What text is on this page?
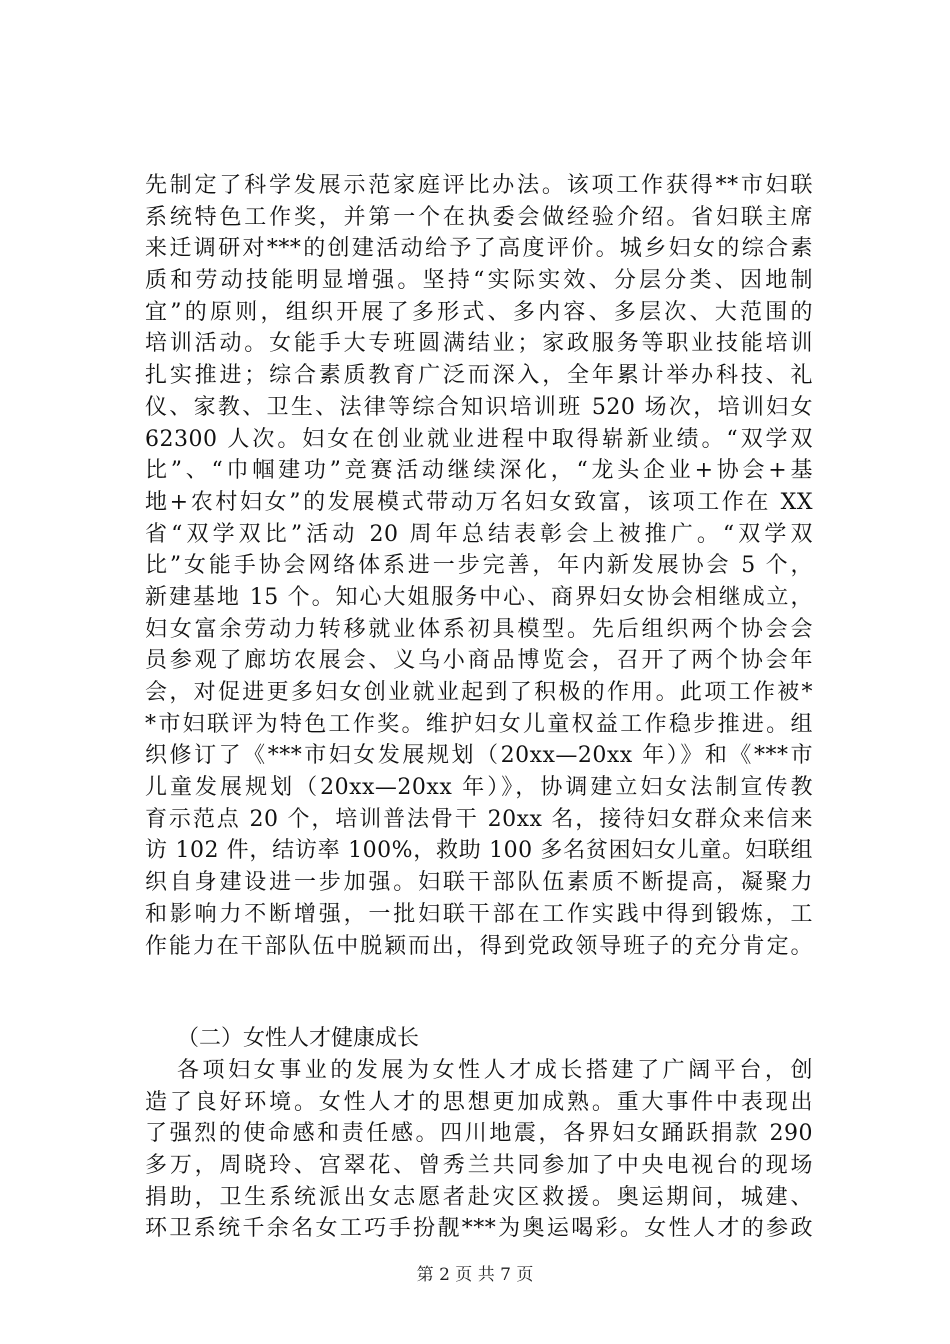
先制定了科学发展示范家庭评比办法。该项工作获得**市妇联
系统特色工作奖，并第一个在执委会做经验介绍。省妇联主席
来迁调研对***的创建活动给予了高度评价。城乡妇女的综合素
质和劳动技能明显增强。坚持“实际实效、分层分类、因地制
宜”的原则，组织开展了多形式、多内容、多层次、大范围的
培训活动。女能手大专班圆满结业；家政服务等职业技能培训
扎实推进；综合素质教育广泛而深入，全年累计举办科技、礼
仪、家教、卫生、法律等综合知识培训班 520 场次，培训妇女
62300 人次。妇女在创业就业进程中取得崭新业绩。“双学双
比”、“巾帼建功”竞赛活动继续深化，“龙头企业+协会+基
地+农村妇女”的发展模式带动万名妇女致富，该项工作在 XX
省“双学双比”活动 20 周年总结表彰会上被推广。“双学双
比”女能手协会网络体系进一步完善，年内新发展协会 5 个，
新建基地 15 个。知心大姐服务中心、商界妇女协会相继成立，
妇女富余劳动力转移就业体系初具模型。先后组织两个协会会
员参观了廊坊农展会、义乌小商品博览会，召开了两个协会年
会，对促进更多妇女创业就业起到了积极的作用。此项工作被*
*市妇联评为特色工作奖。维护妇女儿童权益工作稳步推进。组
织修订了《***市妇女发展规划（20xx—20xx 年）》和《***市
儿童发展规划（20xx—20xx 年）》，协调建立妇女法制宣传教
育示范点 20 个，培训普法骨干 20xx 名，接待妇女群众来信来
访 102 件，结访率 100%，救助 100 多名贫困妇女儿童。妇联组
织自身建设进一步加强。妇联干部队伍素质不断提高，凝聚力
和影响力不断增强，一批妇联干部在工作实践中得到锻炼，工
作能力在干部队伍中脱颖而出，得到党政领导班子的充分肯定。
（二）女性人才健康成长
各项妇女事业的发展为女性人才成长搭建了广阔平台，创
造了良好环境。女性人才的思想更加成熟。重大事件中表现出
了强烈的使命感和责任感。四川地震，各界妇女踊跃捐款 290
多万，周晓玲、宫翠花、曾秀兰共同参加了中央电视台的现场
捐助，卫生系统派出女志愿者赴灾区救援。奥运期间，城建、
环卫系统千余名女工巧手扮靓***为奥运喝彩。女性人才的参政
第 2 页 共 7 页
